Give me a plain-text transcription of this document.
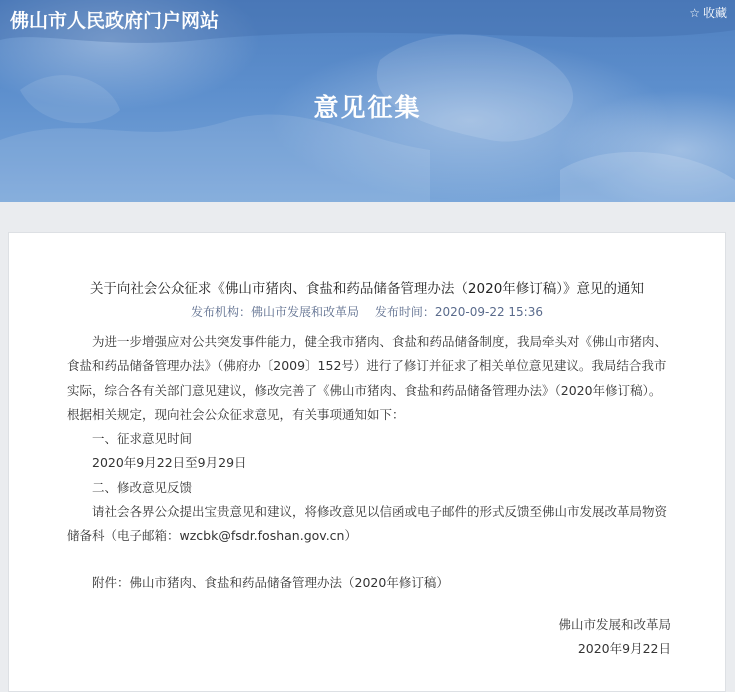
佛山市人民政府门户网站	☆ 收藏
意见征集
关于向社会公众征求《佛山市猪肉、食盐和药品储备管理办法（2020年修订稿）》意见的通知
发布机构：佛山市发展和改革局 发布时间：2020-09-22 15:36

为进一步增强应对公共突发事件能力，健全我市猪肉、食盐和药品储备制度，我局牵头对《佛山市猪肉、食盐和药品储备管理办法》（佛府办〔2009〕152号）进行了修订并征求了相关单位意见建议。我局结合我市实际，综合各有关部门意见建议，修改完善了《佛山市猪肉、食盐和药品储备管理办法》（2020年修订稿）。根据相关规定，现向社会公众征求意见，有关事项通知如下：

一、征求意见时间

2020年9月22日至9月29日

二、修改意见反馈

请社会各界公众提出宝贵意见和建议，将修改意见以信函或电子邮件的形式反馈至佛山市发展改革局物资储备科（电子邮箱：wzcbk@fsdr.foshan.gov.cn）

附件：佛山市猪肉、食盐和药品储备管理办法（2020年修订稿）

佛山市发展和改革局

2020年9月22日
